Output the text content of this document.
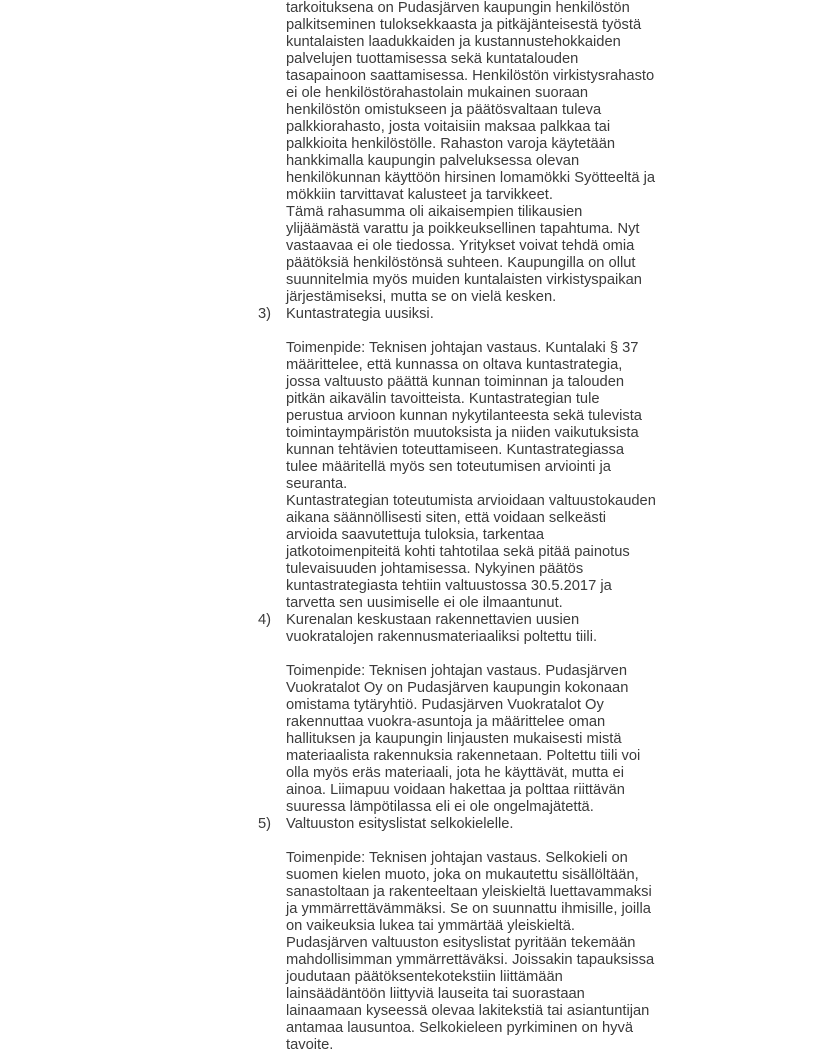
tarkoituksena on Pudasjärven kaupungin henkilöstön
palkitseminen tuloksekkaasta ja pitkäjänteisestä työstä
kuntalaisten laadukkaiden ja kustannustehokkaiden
palvelujen tuottamisessa sekä kuntatalouden
tasapainoon saattamisessa. Henkilöstön virkistysrahasto
ei ole henkilöstörahastolain mukainen suoraan
henkilöstön omistukseen ja päätösvaltaan tuleva
palkkiorahasto, josta voitaisiin maksaa palkkaa tai
palkkioita henkilöstölle. Rahaston varoja käytetään
hankkimalla kaupungin palveluksessa olevan
henkilökunnan käyttöön hirsinen lomamökki Syötteeltä ja
mökkiin tarvittavat kalusteet ja tarvikkeet.
Tämä rahasumma oli aikaisempien tilikausien
ylijäämästä varattu ja poikkeuksellinen tapahtuma. Nyt
vastaavaa ei ole tiedossa. Yritykset voivat tehdä omia
päätöksiä henkilöstönsä suhteen. Kaupungilla on ollut
suunnitelmia myös muiden kuntalaisten virkistyspaikan
järjestämiseksi, mutta se on vielä kesken.
3) Kuntastrategia uusiksi.

Toimenpide: Teknisen johtajan vastaus. Kuntalaki § 37
määrittelee, että kunnassa on oltava kuntastrategia,
jossa valtuusto päättä kunnan toiminnan ja talouden
pitkän aikavälin tavoitteista. Kuntastrategian tule
perustua arvioon kunnan nykytilanteesta sekä tulevista
toimintaympäristön muutoksista ja niiden vaikutuksista
kunnan tehtävien toteuttamiseen. Kuntastrategiassa
tulee määritellä myös sen toteutumisen arviointi ja
seuranta.
Kuntastrategian toteutumista arvioidaan valtuustokauden
aikana säännöllisesti siten, että voidaan selkeästi
arvioida saavutettuja tuloksia, tarkentaa
jatkotoimenpiteitä kohti tahtotilaa sekä pitää painotus
tulevaisuuden johtamisessa. Nykyinen päätös
kuntastrategiasta tehtiin valtuustossa 30.5.2017 ja
tarvetta sen uusimiselle ei ole ilmaantunut.
4) Kurenalan keskustaan rakennettavien uusien
vuokratalojen rakennusmateriaaliksi poltettu tiili.

Toimenpide: Teknisen johtajan vastaus. Pudasjärven
Vuokratalot Oy on Pudasjärven kaupungin kokonaan
omistama tytäryhtiö. Pudasjärven Vuokratalot Oy
rakennuttaa vuokra-asuntoja ja määrittelee oman
hallituksen ja kaupungin linjausten mukaisesti mistä
materiaalista rakennuksia rakennetaan. Poltettu tiili voi
olla myös eräs materiaali, jota he käyttävät, mutta ei
ainoa. Liimapuu voidaan hakettaa ja polttaa riittävän
suuressa lämpötilassa eli ei ole ongelmajätettä.
5) Valtuuston esityslistat selkokielelle.

Toimenpide: Teknisen johtajan vastaus. Selkokieli on
suomen kielen muoto, joka on mukautettu sisällöltään,
sanastoltaan ja rakenteeltaan yleiskieltä luettavammaksi
ja ymmärrettävämmäksi. Se on suunnattu ihmisille, joilla
on vaikeuksia lukea tai ymmärtää yleiskieltä.
Pudasjärven valtuuston esityslistat pyritään tekemään
mahdollisimman ymmärrettäväksi. Joissakin tapauksissa
joudutaan päätöksentekotekstiin liittämään
lainsäädäntöön liittyviä lauseita tai suorastaan
lainaamaan kyseessä olevaa lakitekstiä tai asiantuntijan
antamaa lausuntoa. Selkokieleen pyrkiminen on hyvä
tavoite.
